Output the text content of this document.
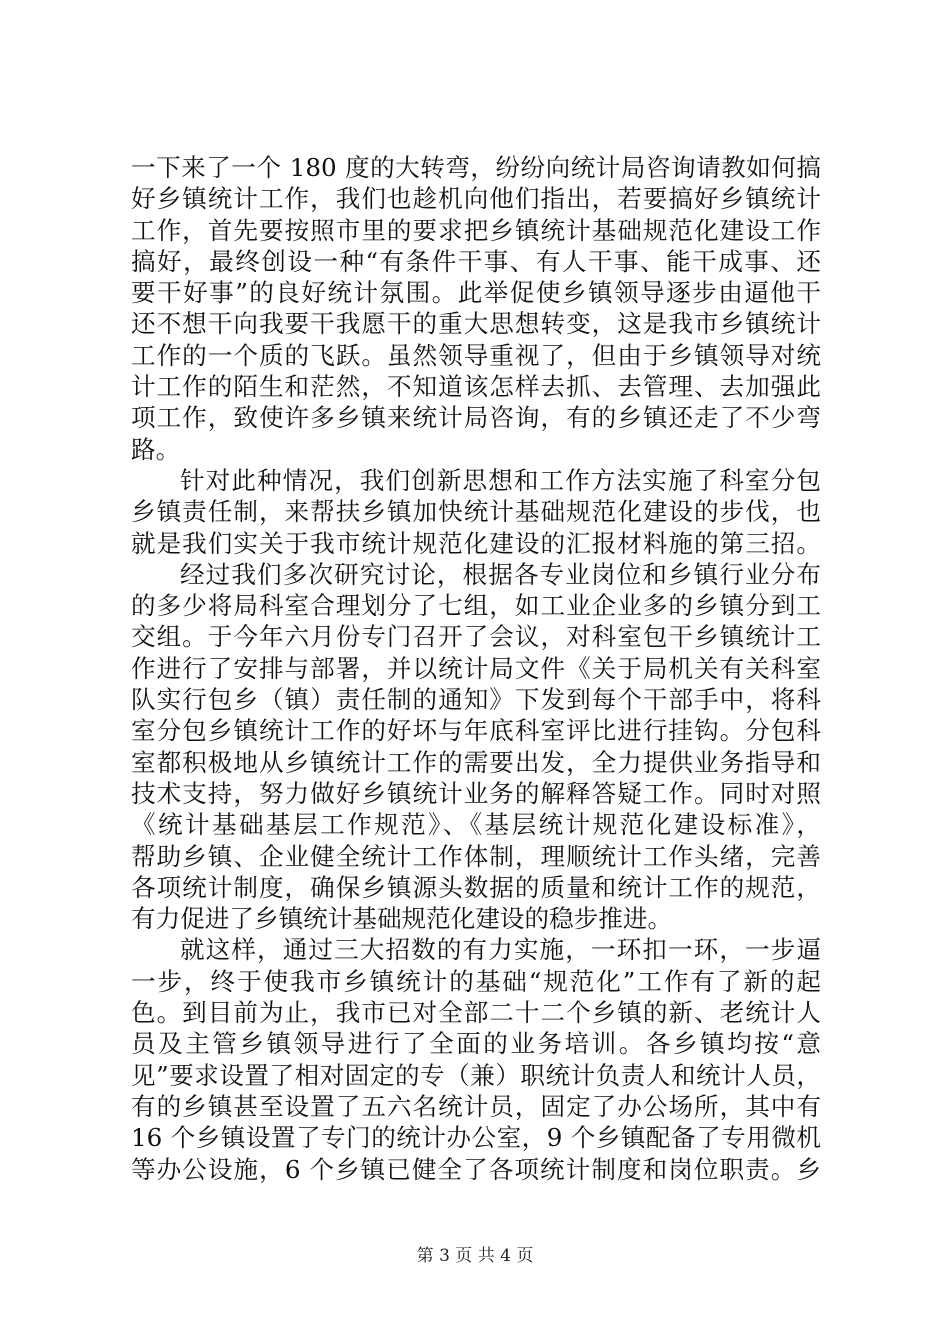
一下来了一个 180 度的大转弯，纷纷向统计局咨询请教如何搞
好乡镇统计工作，我们也趁机向他们指出，若要搞好乡镇统计
工作，首先要按照市里的要求把乡镇统计基础规范化建设工作
搞好，最终创设一种“有条件干事、有人干事、能干成事、还
要干好事”的良好统计氛围。此举促使乡镇领导逐步由逼他干
还不想干向我要干我愿干的重大思想转变，这是我市乡镇统计
工作的一个质的飞跃。虽然领导重视了，但由于乡镇领导对统
计工作的陌生和茫然，不知道该怎样去抓、去管理、去加强此
项工作，致使许多乡镇来统计局咨询，有的乡镇还走了不少弯
路。
针对此种情况，我们创新思想和工作方法实施了科室分包
乡镇责任制，来帮扶乡镇加快统计基础规范化建设的步伐，也
就是我们实关于我市统计规范化建设的汇报材料施的第三招。
经过我们多次研究讨论，根据各专业岗位和乡镇行业分布
的多少将局科室合理划分了七组，如工业企业多的乡镇分到工
交组。于今年六月份专门召开了会议，对科室包干乡镇统计工
作进行了安排与部署，并以统计局文件《关于局机关有关科室
队实行包乡（镇）责任制的通知》下发到每个干部手中，将科
室分包乡镇统计工作的好坏与年底科室评比进行挂钩。分包科
室都积极地从乡镇统计工作的需要出发，全力提供业务指导和
技术支持，努力做好乡镇统计业务的解释答疑工作。同时对照
《统计基础基层工作规范》、《基层统计规范化建设标准》，
帮助乡镇、企业健全统计工作体制，理顺统计工作头绪，完善
各项统计制度，确保乡镇源头数据的质量和统计工作的规范，
有力促进了乡镇统计基础规范化建设的稳步推进。
就这样，通过三大招数的有力实施，一环扣一环，一步逼
一步，终于使我市乡镇统计的基础“规范化”工作有了新的起
色。到目前为止，我市已对全部二十二个乡镇的新、老统计人
员及主管乡镇领导进行了全面的业务培训。各乡镇均按“意
见”要求设置了相对固定的专（兼）职统计负责人和统计人员，
有的乡镇甚至设置了五六名统计员，固定了办公场所，其中有
16 个乡镇设置了专门的统计办公室，9 个乡镇配备了专用微机
等办公设施，6 个乡镇已健全了各项统计制度和岗位职责。乡
第 3 页 共 4 页
